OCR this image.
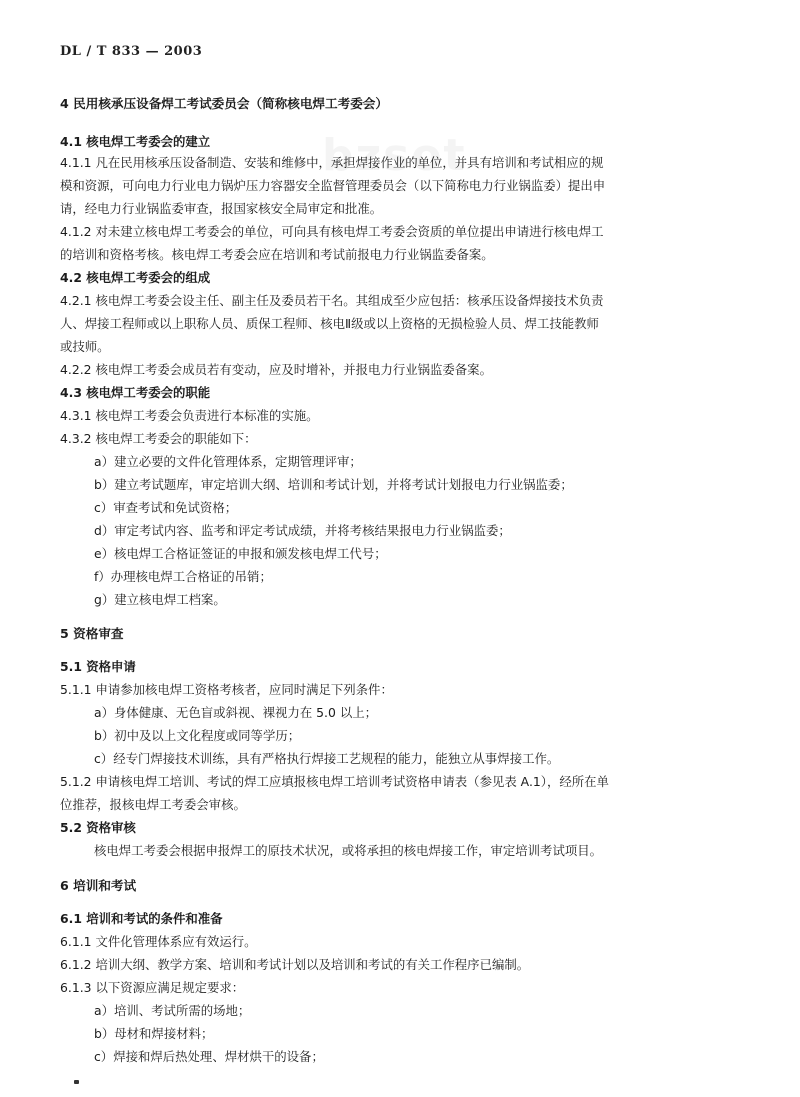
bzsot
DL / T 833 — 2003
4 民用核承压设备焊工考试委员会（简称核电焊工考委会）
4.1 核电焊工考委会的建立
4.1.1 凡在民用核承压设备制造、安装和维修中，承担焊接作业的单位，并具有培训和考试相应的规
模和资源，可向电力行业电力锅炉压力容器安全监督管理委员会（以下简称电力行业锅监委）提出申
请，经电力行业锅监委审查，报国家核安全局审定和批准。
4.1.2 对未建立核电焊工考委会的单位，可向具有核电焊工考委会资质的单位提出申请进行核电焊工
的培训和资格考核。核电焊工考委会应在培训和考试前报电力行业锅监委备案。
4.2 核电焊工考委会的组成
4.2.1 核电焊工考委会设主任、副主任及委员若干名。其组成至少应包括：核承压设备焊接技术负责
人、焊接工程师或以上职称人员、质保工程师、核电Ⅱ级或以上资格的无损检验人员、焊工技能教师
或技师。
4.2.2 核电焊工考委会成员若有变动，应及时增补，并报电力行业锅监委备案。
4.3 核电焊工考委会的职能
4.3.1 核电焊工考委会负责进行本标准的实施。
4.3.2 核电焊工考委会的职能如下：
a）建立必要的文件化管理体系，定期管理评审；
b）建立考试题库，审定培训大纲、培训和考试计划，并将考试计划报电力行业锅监委；
c）审查考试和免试资格；
d）审定考试内容、监考和评定考试成绩，并将考核结果报电力行业锅监委；
e）核电焊工合格证签证的申报和颁发核电焊工代号；
f）办理核电焊工合格证的吊销；
g）建立核电焊工档案。
5 资格审查
5.1 资格申请
5.1.1 申请参加核电焊工资格考核者，应同时满足下列条件：
a）身体健康、无色盲或斜视、裸视力在 5.0 以上；
b）初中及以上文化程度或同等学历；
c）经专门焊接技术训练，具有严格执行焊接工艺规程的能力，能独立从事焊接工作。
5.1.2 申请核电焊工培训、考试的焊工应填报核电焊工培训考试资格申请表（参见表 A.1），经所在单
位推荐，报核电焊工考委会审核。
5.2 资格审核
核电焊工考委会根据申报焊工的原技术状况，或将承担的核电焊接工作，审定培训考试项目。
6 培训和考试
6.1 培训和考试的条件和准备
6.1.1 文件化管理体系应有效运行。
6.1.2 培训大纲、教学方案、培训和考试计划以及培训和考试的有关工作程序已编制。
6.1.3 以下资源应满足规定要求：
a）培训、考试所需的场地；
b）母材和焊接材料；
c）焊接和焊后热处理、焊材烘干的设备；
